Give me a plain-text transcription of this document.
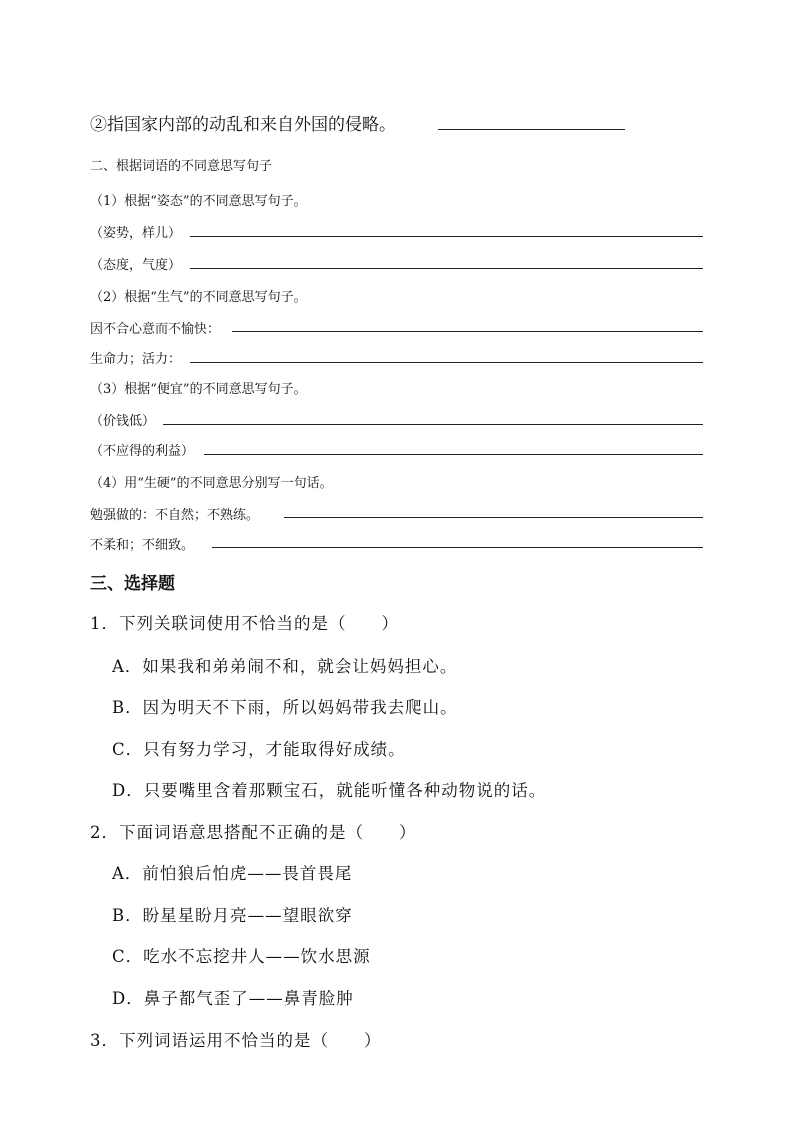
②指国家内部的动乱和来自外国的侵略。
二、根据词语的不同意思写句子
（1）根据“姿态”的不同意思写句子。
（姿势，样儿）
（态度，气度）
（2）根据“生气”的不同意思写句子。
因不合心意而不愉快：
生命力；活力：
（3）根据“便宜”的不同意思写句子。
（价钱低）
（不应得的利益）
（4）用“生硬”的不同意思分别写一句话。
勉强做的：不自然；不熟练。
不柔和；不细致。
三、选择题
1．下列关联词使用不恰当的是（　　）
A．如果我和弟弟闹不和，就会让妈妈担心。
B．因为明天不下雨，所以妈妈带我去爬山。
C．只有努力学习，才能取得好成绩。
D．只要嘴里含着那颗宝石，就能听懂各种动物说的话。
2．下面词语意思搭配不正确的是（　　）
A．前怕狼后怕虎——畏首畏尾
B．盼星星盼月亮——望眼欲穿
C．吃水不忘挖井人——饮水思源
D．鼻子都气歪了——鼻青脸肿
3．下列词语运用不恰当的是（　　）
